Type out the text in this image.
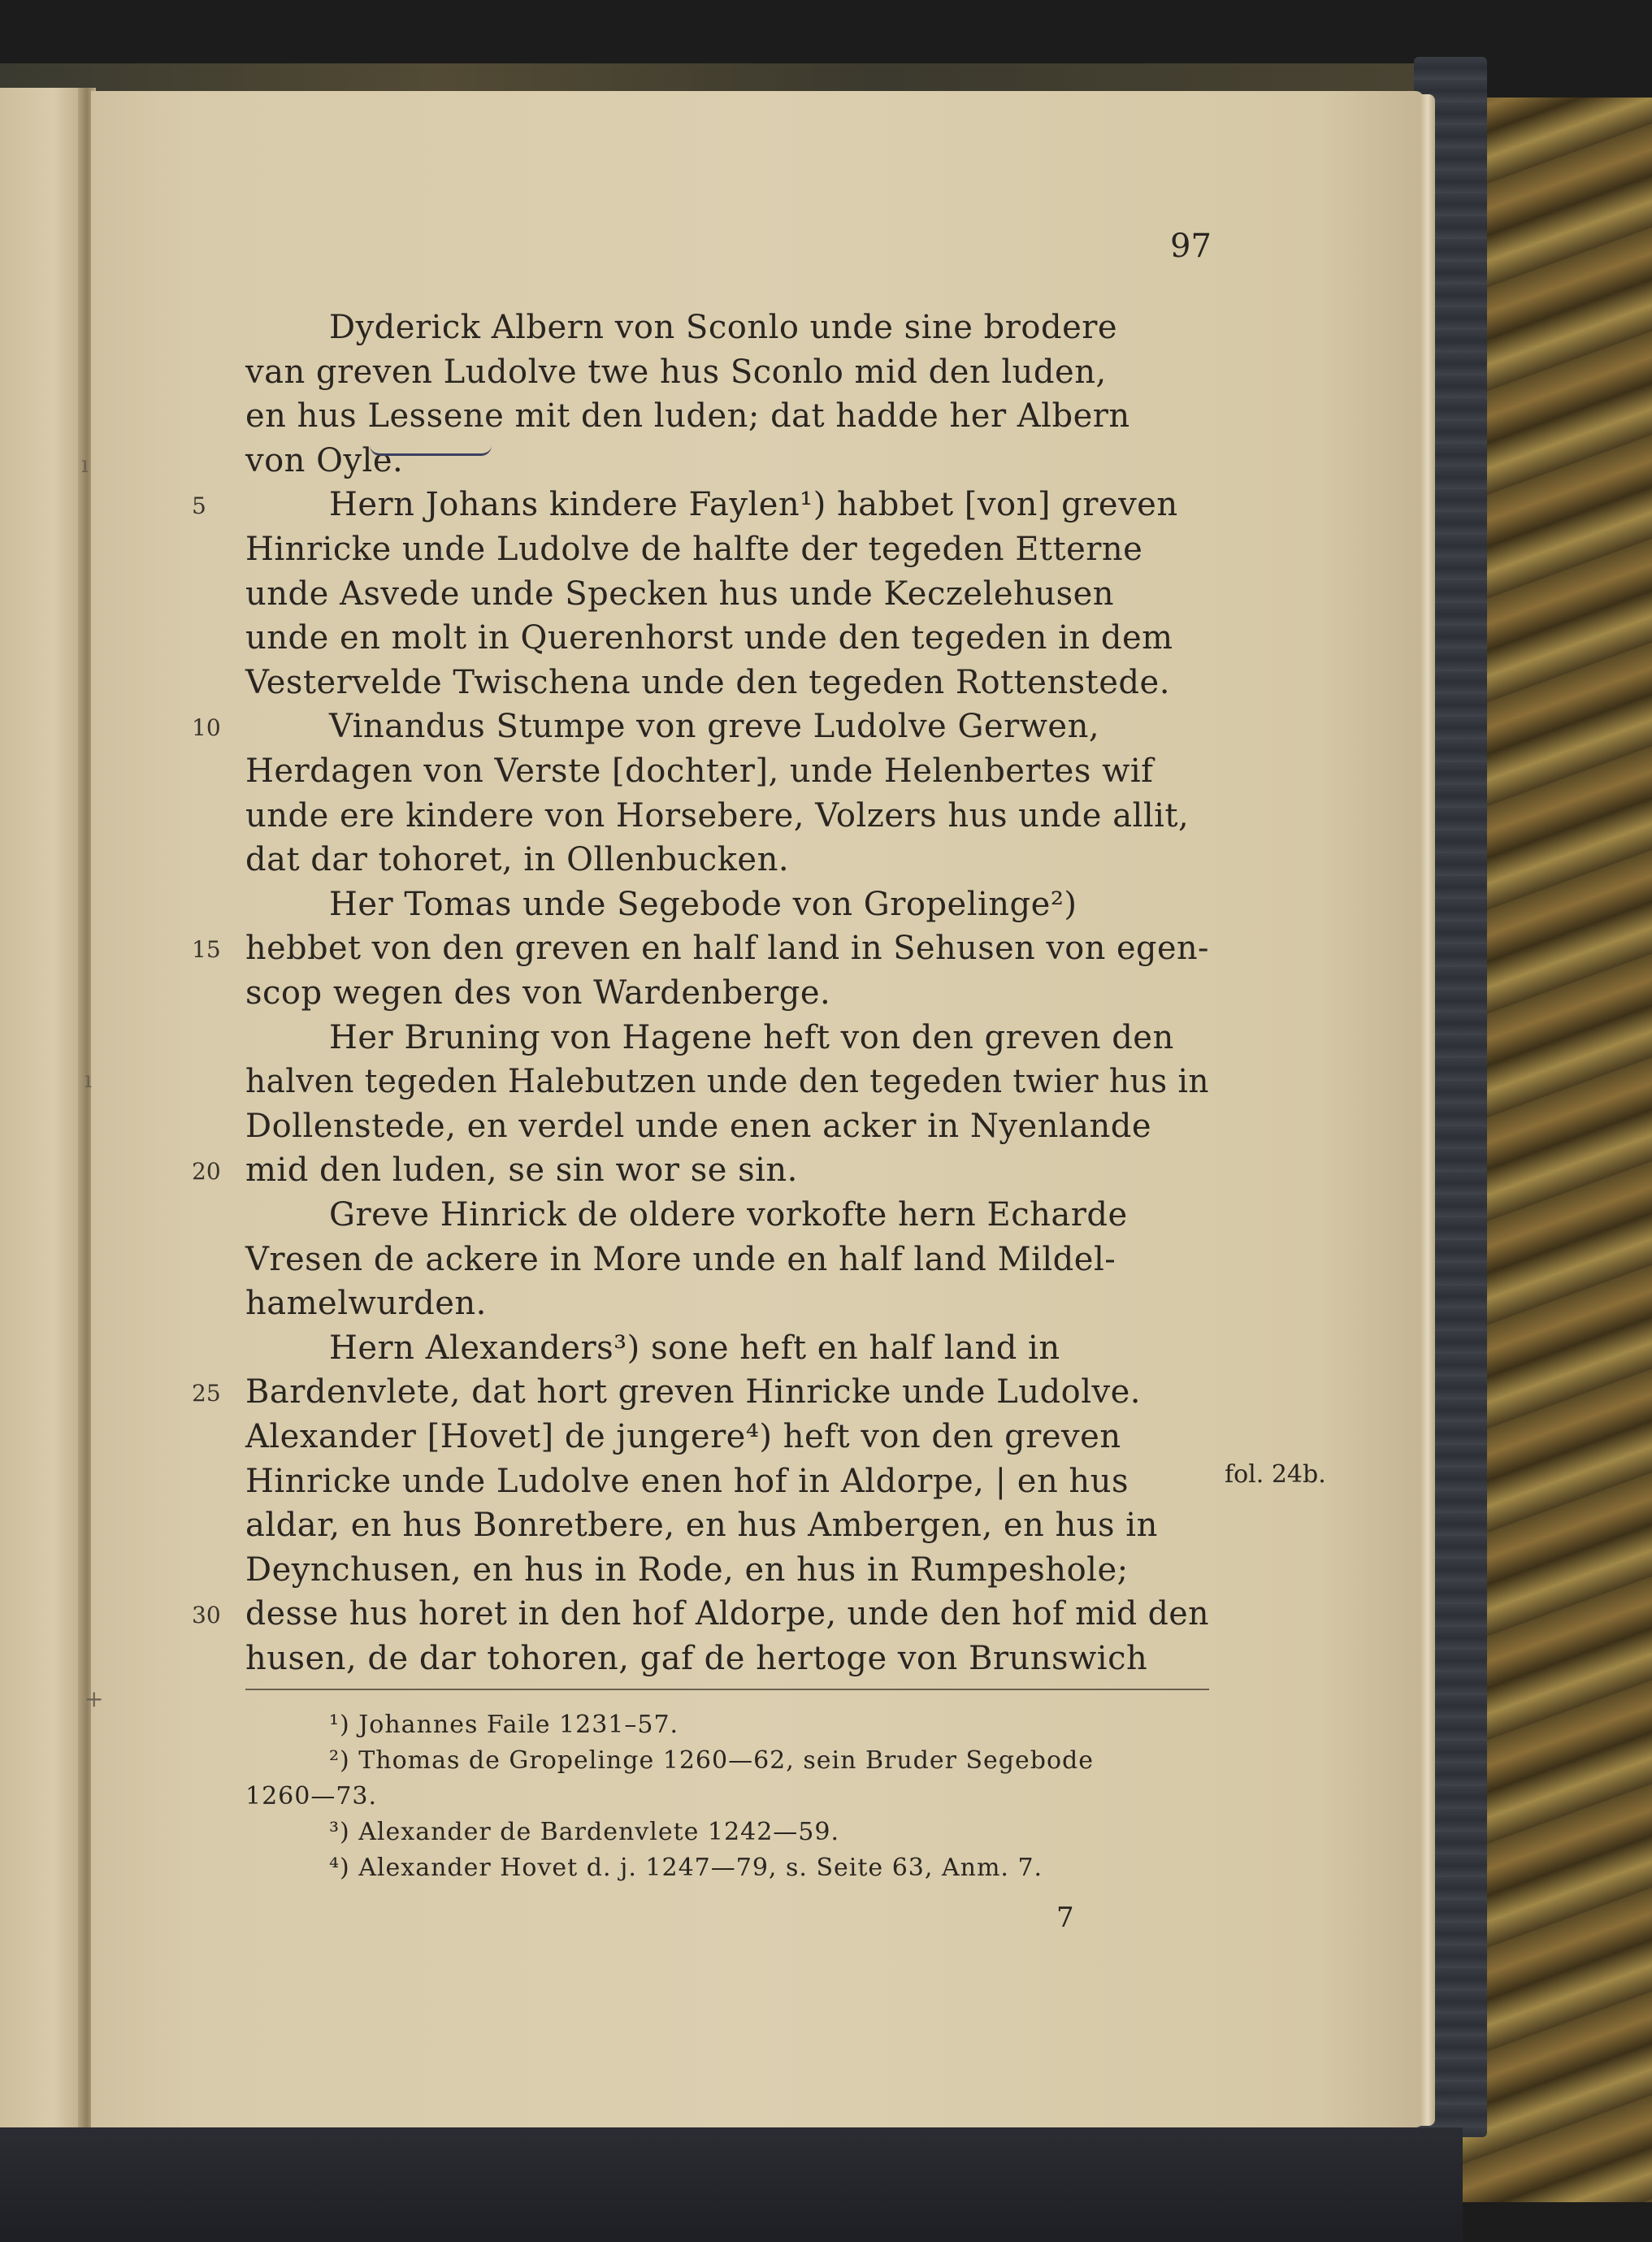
97
Dyderick Albern von Sconlo unde sine brodere
van greven Ludolve twe hus Sconlo mid den luden,
en hus Lessene mit den luden; dat hadde her Albern
von Oyle.
Hern Johans kindere Faylen¹) habbet [von] greven
Hinricke unde Ludolve de halfte der tegeden Etterne
unde Asvede unde Specken hus unde Keczelehusen
unde en molt in Querenhorst unde den tegeden in dem
Vestervelde Twischena unde den tegeden Rottenstede.
Vinandus Stumpe von greve Ludolve Gerwen,
Herdagen von Verste [dochter], unde Helenbertes wif
unde ere kindere von Horsebere, Volzers hus unde allit,
dat dar tohoret, in Ollenbucken.
Her Tomas unde Segebode von Gropelinge²)
hebbet von den greven en half land in Sehusen von egen-
scop wegen des von Wardenberge.
Her Bruning von Hagene heft von den greven den
halven tegeden Halebutzen unde den tegeden twier hus in
Dollenstede, en verdel unde enen acker in Nyenlande
mid den luden, se sin wor se sin.
Greve Hinrick de oldere vorkofte hern Echarde
Vresen de ackere in More unde en half land Mildel-
hamelwurden.
Hern Alexanders³) sone heft en half land in
Bardenvlete, dat hort greven Hinricke unde Ludolve.
Alexander [Hovet] de jungere⁴) heft von den greven
Hinricke unde Ludolve enen hof in Aldorpe, | en hus
aldar, en hus Bonretbere, en hus Ambergen, en hus in
Deynchusen, en hus in Rode, en hus in Rumpeshole;
desse hus horet in den hof Aldorpe, unde den hof mid den
husen, de dar tohoren, gaf de hertoge von Brunswich
5
10
15
20
25
30
fol. 24b.
ı
ı
+
¹) Johannes Faile 1231–57.
²) Thomas de Gropelinge 1260—62, sein Bruder Segebode
1260—73.
³) Alexander de Bardenvlete 1242—59.
⁴) Alexander Hovet d. j. 1247—79, s. Seite 63, Anm. 7.
7
